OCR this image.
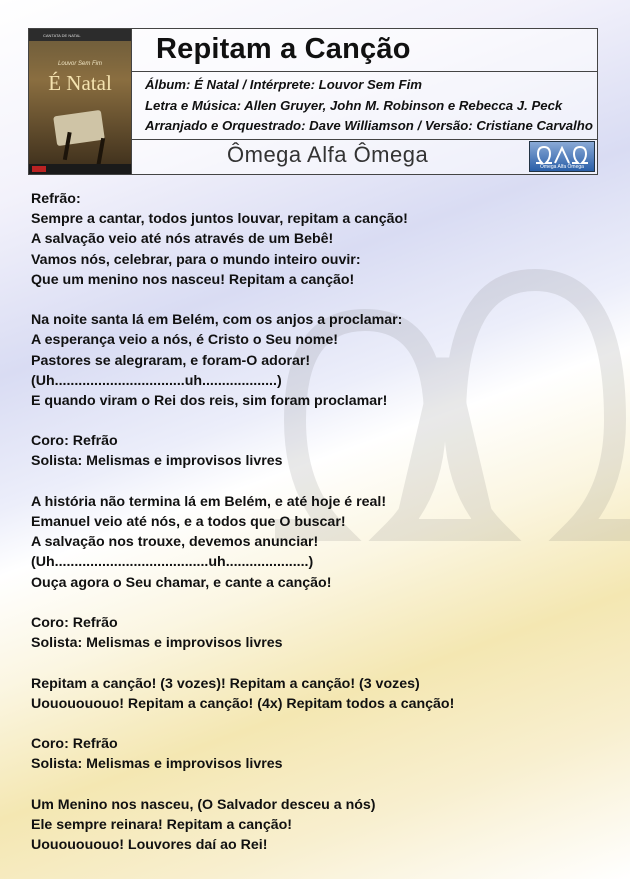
CANTATA DE NATAL
Louvor Sem Fim
É Natal
Repitam a Canção

Álbum: É Natal / Intérprete: Louvor Sem Fim

Letra e Música: Allen Gruyer, John M. Robinson e Rebecca J. Peck

Arranjado e Orquestrado: Dave Williamson / Versão: Cristiane Carvalho

Ômega Alfa Ômega	Ômega Alfa Ômega
Refrão:
Sempre a cantar, todos juntos louvar, repitam a canção!
A salvação veio até nós através de um Bebê!
Vamos nós, celebrar, para o mundo inteiro ouvir:
Que um menino nos nasceu! Repitam a canção!
Na noite santa lá em Belém, com os anjos a proclamar:
A esperança veio a nós, é Cristo o Seu nome!
Pastores se alegraram, e foram-O adorar!
(Uh.................................uh...................)
E quando viram o Rei dos reis, sim foram proclamar!
Coro: Refrão
Solista: Melismas e improvisos livres
A história não termina lá em Belém, e até hoje é real!
Emanuel veio até nós, e a todos que O buscar!
A salvação nos trouxe, devemos anunciar!
(Uh.......................................uh.....................)
Ouça agora o Seu chamar, e cante a canção!
Coro: Refrão
Solista: Melismas e improvisos livres
Repitam a canção! (3 vozes)! Repitam a canção! (3 vozes)
Uououououo! Repitam a canção! (4x) Repitam todos a canção!
Coro: Refrão
Solista: Melismas e improvisos livres
Um Menino nos nasceu, (O Salvador desceu a nós)
Ele sempre reinara! Repitam a canção!
Uououououo! Louvores daí ao Rei!
